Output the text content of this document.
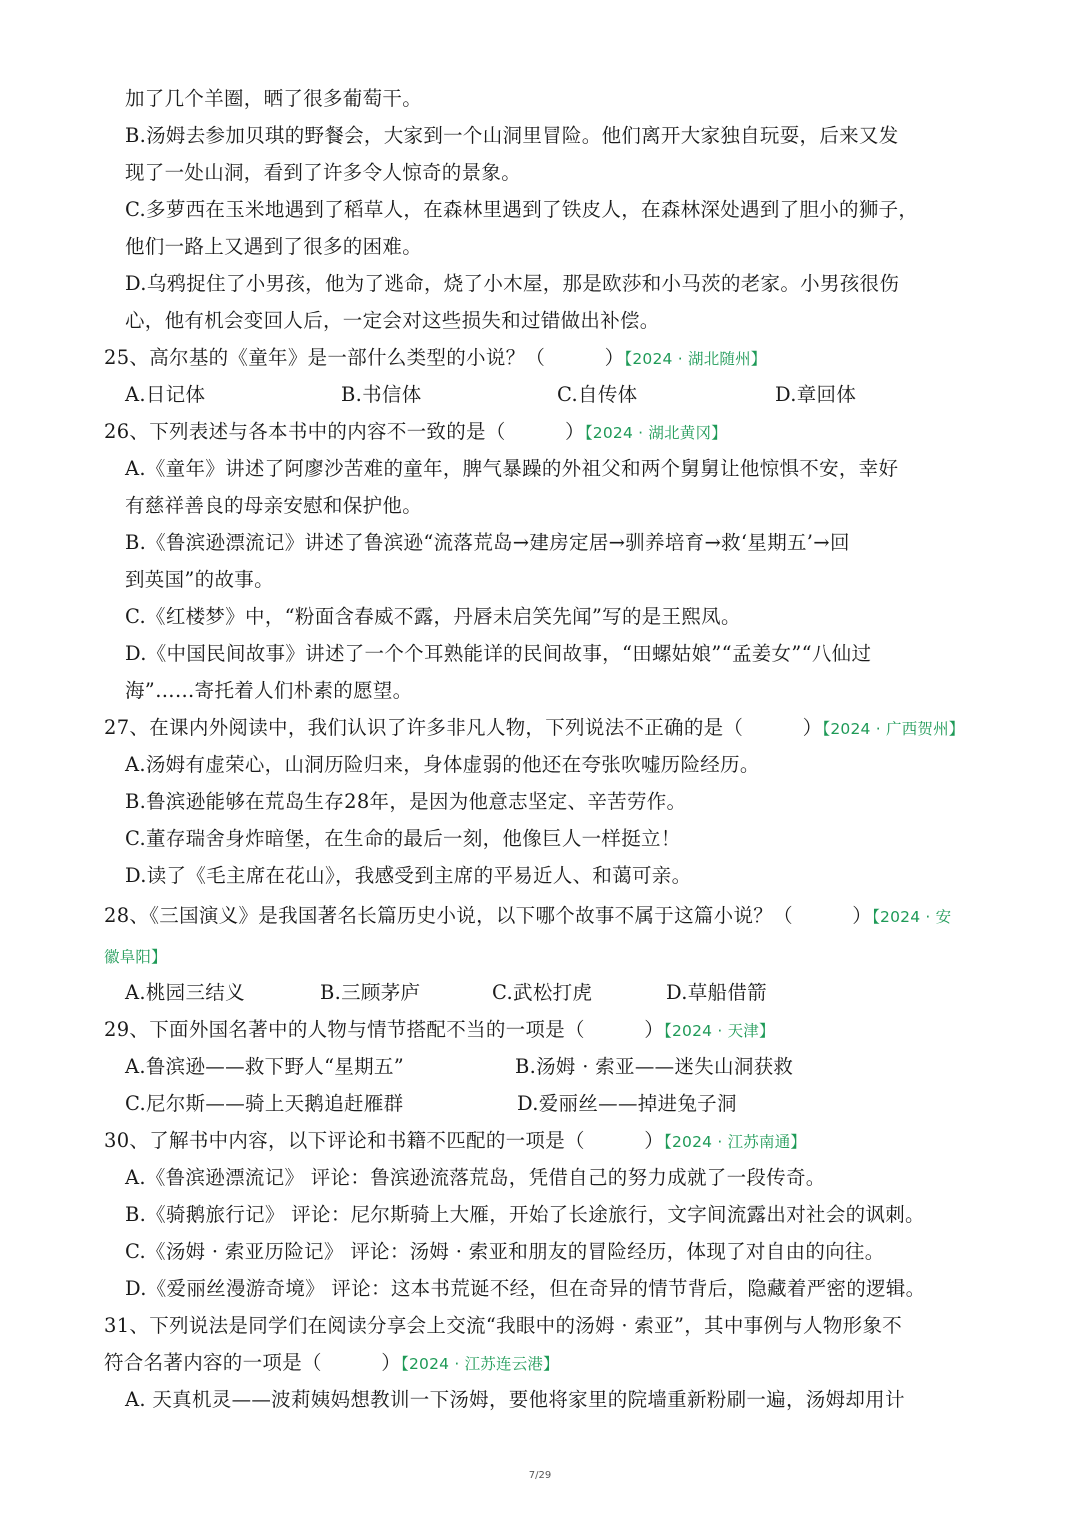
加了几个羊圈，晒了很多葡萄干。
B.汤姆去参加贝琪的野餐会，大家到一个山洞里冒险。他们离开大家独自玩耍，后来又发
现了一处山洞，看到了许多令人惊奇的景象。
C.多萝西在玉米地遇到了稻草人，在森林里遇到了铁皮人，在森林深处遇到了胆小的狮子，
他们一路上又遇到了很多的困难。
D.乌鸦捉住了小男孩，他为了逃命，烧了小木屋，那是欧莎和小马茨的老家。小男孩很伤
心，他有机会变回人后，一定会对这些损失和过错做出补偿。
25、高尔基的《童年》是一部什么类型的小说？（　　　）【2024 · 湖北随州】
A.日记体	B.书信体	C.自传体	D.章回体
26、下列表述与各本书中的内容不一致的是（　　　）【2024 · 湖北黄冈】
A.《童年》讲述了阿廖沙苦难的童年，脾气暴躁的外祖父和两个舅舅让他惊惧不安，幸好
有慈祥善良的母亲安慰和保护他。
B.《鲁滨逊漂流记》讲述了鲁滨逊“流落荒岛→建房定居→驯养培育→救‘星期五’→回
到英国”的故事。
C.《红楼梦》中，“粉面含春威不露，丹唇未启笑先闻”写的是王熙凤。
D.《中国民间故事》讲述了一个个耳熟能详的民间故事，“田螺姑娘”“孟姜女”“八仙过
海”……寄托着人们朴素的愿望。
27、在课内外阅读中，我们认识了许多非凡人物，下列说法不正确的是（　　　）【2024 · 广西贺州】
A.汤姆有虚荣心，山洞历险归来，身体虚弱的他还在夸张吹嘘历险经历。
B.鲁滨逊能够在荒岛生存28年，是因为他意志坚定、辛苦劳作。
C.董存瑞舍身炸暗堡，在生命的最后一刻，他像巨人一样挺立！
D.读了《毛主席在花山》，我感受到主席的平易近人、和蔼可亲。
28、《三国演义》是我国著名长篇历史小说，以下哪个故事不属于这篇小说？（　　　）【2024 · 安
徽阜阳】
A.桃园三结义	B.三顾茅庐	C.武松打虎	D.草船借箭
29、下面外国名著中的人物与情节搭配不当的一项是（　　　）【2024 · 天津】
A.鲁滨逊——救下野人“星期五”	B.汤姆 · 索亚——迷失山洞获救
C.尼尔斯——骑上天鹅追赶雁群	D.爱丽丝——掉进兔子洞
30、了解书中内容，以下评论和书籍不匹配的一项是（　　　）【2024 · 江苏南通】
A.《鲁滨逊漂流记》 评论：鲁滨逊流落荒岛，凭借自己的努力成就了一段传奇。
B.《骑鹅旅行记》 评论：尼尔斯骑上大雁，开始了长途旅行，文字间流露出对社会的讽刺。
C.《汤姆 · 索亚历险记》 评论：汤姆 · 索亚和朋友的冒险经历，体现了对自由的向往。
D.《爱丽丝漫游奇境》 评论：这本书荒诞不经，但在奇异的情节背后，隐藏着严密的逻辑。
31、下列说法是同学们在阅读分享会上交流“我眼中的汤姆 · 索亚”，其中事例与人物形象不
符合名著内容的一项是（　　　）【2024 · 江苏连云港】
A. 天真机灵——波莉姨妈想教训一下汤姆，要他将家里的院墙重新粉刷一遍，汤姆却用计
7/29
